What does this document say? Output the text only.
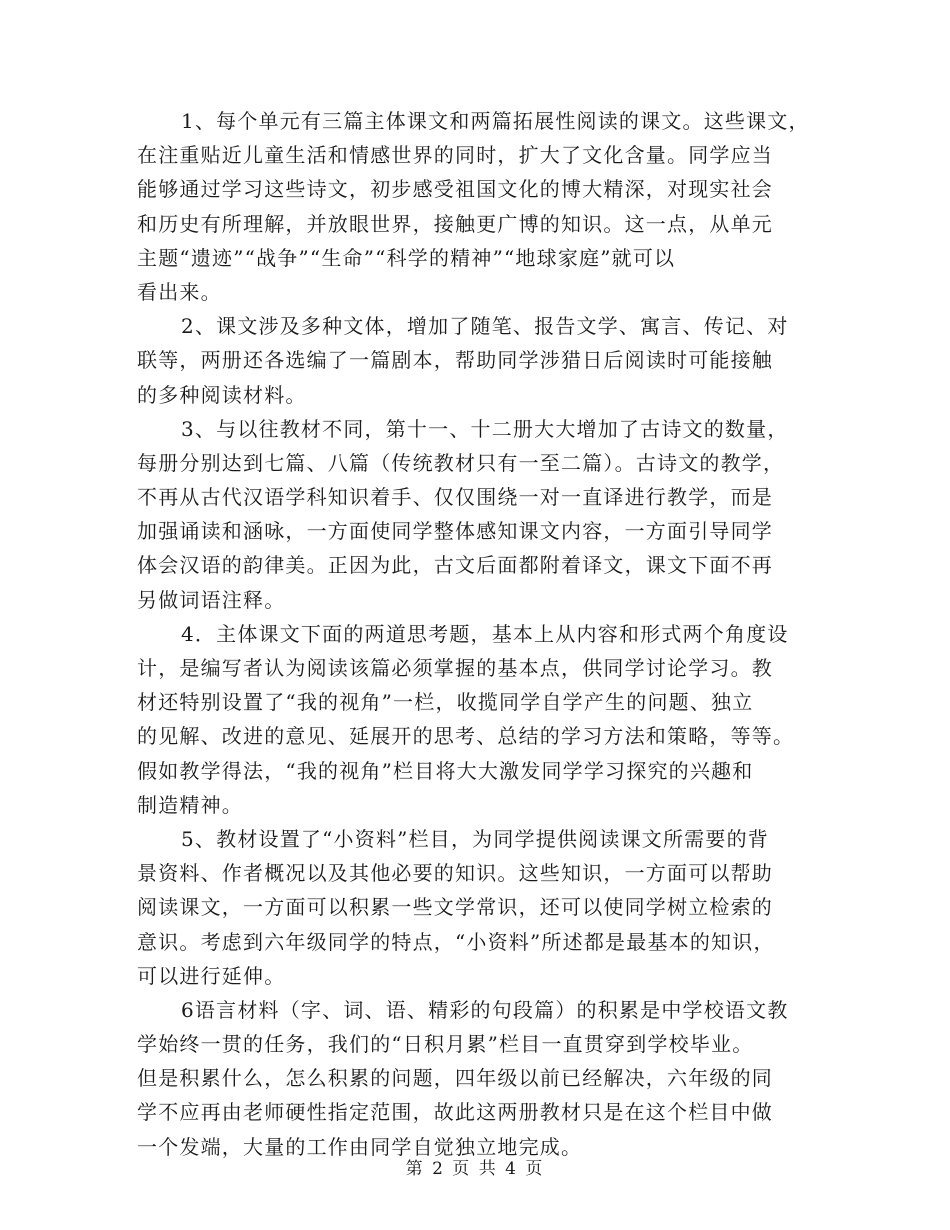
1、每个单元有三篇主体课文和两篇拓展性阅读的课文。这些课文，
在注重贴近儿童生活和情感世界的同时，扩大了文化含量。同学应当
能够通过学习这些诗文，初步感受祖国文化的博大精深，对现实社会
和历史有所理解，并放眼世界，接触更广博的知识。这一点，从单元
主题“遗迹”“战争”“生命”“科学的精神”“地球家庭”就可以
看出来。
2、课文涉及多种文体，增加了随笔、报告文学、寓言、传记、对
联等，两册还各选编了一篇剧本，帮助同学涉猎日后阅读时可能接触
的多种阅读材料。
3、与以往教材不同，第十一、十二册大大增加了古诗文的数量，
每册分别达到七篇、八篇（传统教材只有一至二篇）。古诗文的教学，
不再从古代汉语学科知识着手、仅仅围绕一对一直译进行教学，而是
加强诵读和涵咏，一方面使同学整体感知课文内容，一方面引导同学
体会汉语的韵律美。正因为此，古文后面都附着译文，课文下面不再
另做词语注释。
4．主体课文下面的两道思考题，基本上从内容和形式两个角度设
计，是编写者认为阅读该篇必须掌握的基本点，供同学讨论学习。教
材还特别设置了“我的视角”一栏，收揽同学自学产生的问题、独立
的见解、改进的意见、延展开的思考、总结的学习方法和策略，等等。
假如教学得法，“我的视角”栏目将大大激发同学学习探究的兴趣和
制造精神。
5、教材设置了“小资料”栏目，为同学提供阅读课文所需要的背
景资料、作者概况以及其他必要的知识。这些知识，一方面可以帮助
阅读课文，一方面可以积累一些文学常识，还可以使同学树立检索的
意识。考虑到六年级同学的特点，“小资料”所述都是最基本的知识，
可以进行延伸。
6语言材料（字、词、语、精彩的句段篇）的积累是中学校语文教
学始终一贯的任务，我们的“日积月累”栏目一直贯穿到学校毕业。
但是积累什么，怎么积累的问题，四年级以前已经解决，六年级的同
学不应再由老师硬性指定范围，故此这两册教材只是在这个栏目中做
一个发端，大量的工作由同学自觉独立地完成。
第 2 页 共 4 页
